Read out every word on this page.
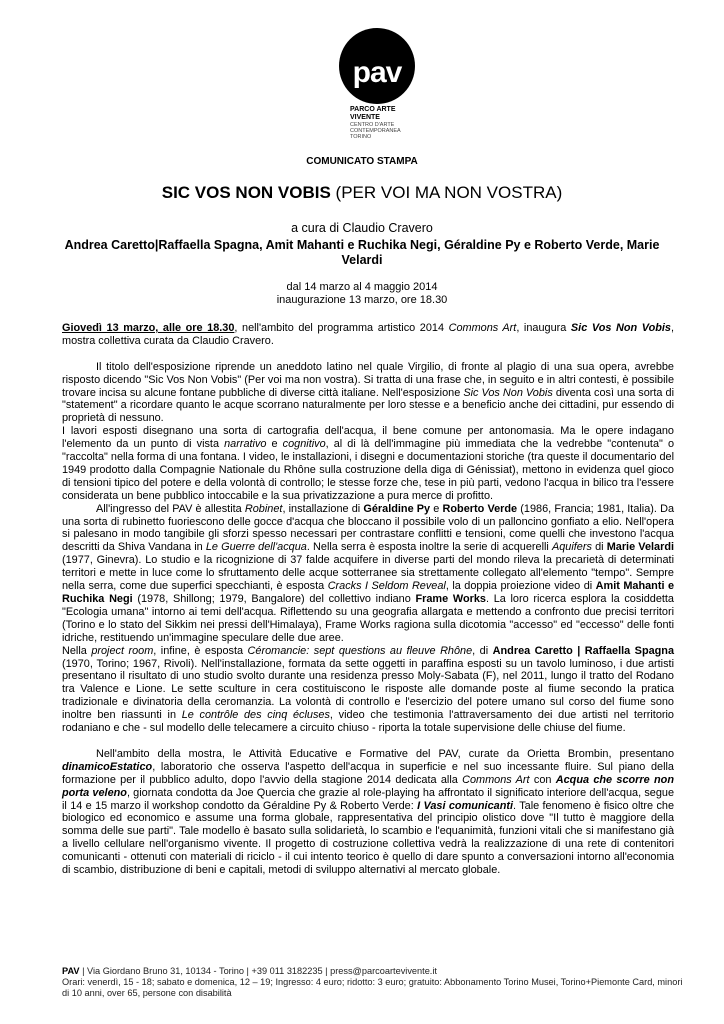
pav
PARCO ARTE
VIVENTE
CENTRO D'ARTE
CONTEMPORANEA
TORINO
COMUNICATO STAMPA
SIC VOS NON VOBIS (PER VOI MA NON VOSTRA)
a cura di Claudio Cravero
Andrea Caretto|Raffaella Spagna, Amit Mahanti e Ruchika Negi, Géraldine Py e Roberto Verde, Marie Velardi
dal 14 marzo al 4 maggio 2014
inaugurazione 13 marzo, ore 18.30

Giovedì 13 marzo, alle ore 18.30, nell'ambito del programma artistico 2014 Commons Art, inaugura Sic Vos Non Vobis, mostra collettiva curata da Claudio Cravero.

Il titolo dell'esposizione riprende un aneddoto latino nel quale Virgilio, di fronte al plagio di una sua opera, avrebbe risposto dicendo "Sic Vos Non Vobis" (Per voi ma non vostra). Si tratta di una frase che, in seguito e in altri contesti, è possibile trovare incisa su alcune fontane pubbliche di diverse città italiane. Nell'esposizione Sic Vos Non Vobis diventa così una sorta di "statement" a ricordare quanto le acque scorrano naturalmente per loro stesse e a beneficio anche dei cittadini, pur essendo di proprietà di nessuno.

I lavori esposti disegnano una sorta di cartografia dell'acqua, il bene comune per antonomasia. Ma le opere indagano l'elemento da un punto di vista narrativo e cognitivo, al di là dell'immagine più immediata che la vedrebbe "contenuta" o "raccolta" nella forma di una fontana. I video, le installazioni, i disegni e documentazioni storiche (tra queste il documentario del 1949 prodotto dalla Compagnie Nationale du Rhône sulla costruzione della diga di Génissiat), mettono in evidenza quel gioco di tensioni tipico del potere e della volontà di controllo; le stesse forze che, tese in più parti, vedono l'acqua in bilico tra l'essere considerata un bene pubblico intoccabile e la sua privatizzazione a pura merce di profitto.

All'ingresso del PAV è allestita Robinet, installazione di Géraldine Py e Roberto Verde (1986, Francia; 1981, Italia). Da una sorta di rubinetto fuoriescono delle gocce d'acqua che bloccano il possibile volo di un palloncino gonfiato a elio. Nell'opera si palesano in modo tangibile gli sforzi spesso necessari per contrastare conflitti e tensioni, come quelli che investono l'acqua descritti da Shiva Vandana in Le Guerre dell'acqua. Nella serra è esposta inoltre la serie di acquerelli Aquifers di Marie Velardi (1977, Ginevra). Lo studio e la ricognizione di 37 falde acquifere in diverse parti del mondo rileva la precarietà di determinati territori e mette in luce come lo sfruttamento delle acque sotterranee sia strettamente collegato all'elemento "tempo". Sempre nella serra, come due superfici specchianti, è esposta Cracks I Seldom Reveal, la doppia proiezione video di Amit Mahanti e Ruchika Negi (1978, Shillong; 1979, Bangalore) del collettivo indiano Frame Works. La loro ricerca esplora la cosiddetta "Ecologia umana" intorno ai temi dell'acqua. Riflettendo su una geografia allargata e mettendo a confronto due precisi territori (Torino e lo stato del Sikkim nei pressi dell'Himalaya), Frame Works ragiona sulla dicotomia "accesso" ed "eccesso" delle fonti idriche, restituendo un'immagine speculare delle due aree.

Nella project room, infine, è esposta Céromancie: sept questions au fleuve Rhône, di Andrea Caretto | Raffaella Spagna (1970, Torino; 1967, Rivoli). Nell'installazione, formata da sette oggetti in paraffina esposti su un tavolo luminoso, i due artisti presentano il risultato di uno studio svolto durante una residenza presso Moly-Sabata (F), nel 2011, lungo il tratto del Rodano tra Valence e Lione. Le sette sculture in cera costituiscono le risposte alle domande poste al fiume secondo la pratica tradizionale e divinatoria della ceromanzia. La volontà di controllo e l'esercizio del potere umano sul corso del fiume sono inoltre ben riassunti in Le contrôle des cinq écluses, video che testimonia l'attraversamento dei due artisti nel territorio rodaniano e che - sul modello delle telecamere a circuito chiuso - riporta la totale supervisione delle chiuse del fiume.

Nell'ambito della mostra, le Attività Educative e Formative del PAV, curate da Orietta Brombin, presentano dinamicoEstatico, laboratorio che osserva l'aspetto dell'acqua in superficie e nel suo incessante fluire. Sul piano della formazione per il pubblico adulto, dopo l'avvio della stagione 2014 dedicata alla Commons Art con Acqua che scorre non porta veleno, giornata condotta da Joe Quercia che grazie al role-playing ha affrontato il significato interiore dell'acqua, segue il 14 e 15 marzo il workshop condotto da Géraldine Py & Roberto Verde: I Vasi comunicanti. Tale fenomeno è fisico oltre che biologico ed economico e assume una forma globale, rappresentativa del principio olistico dove "Il tutto è maggiore della somma delle sue parti". Tale modello è basato sulla solidarietà, lo scambio e l'equanimità, funzioni vitali che si manifestano già a livello cellulare nell'organismo vivente. Il progetto di costruzione collettiva vedrà la realizzazione di una rete di contenitori comunicanti - ottenuti con materiali di riciclo - il cui intento teorico è quello di dare spunto a conversazioni intorno all'economia di scambio, distribuzione di beni e capitali, metodi di sviluppo alternativi al mercato globale.

PAV | Via Giordano Bruno 31, 10134 - Torino | +39 011 3182235 | press@parcoartevivente.it
Orari: venerdì, 15 - 18; sabato e domenica, 12 – 19; Ingresso: 4 euro; ridotto: 3 euro; gratuito: Abbonamento Torino Musei, Torino+Piemonte Card, minori di 10 anni, over 65, persone con disabilità
